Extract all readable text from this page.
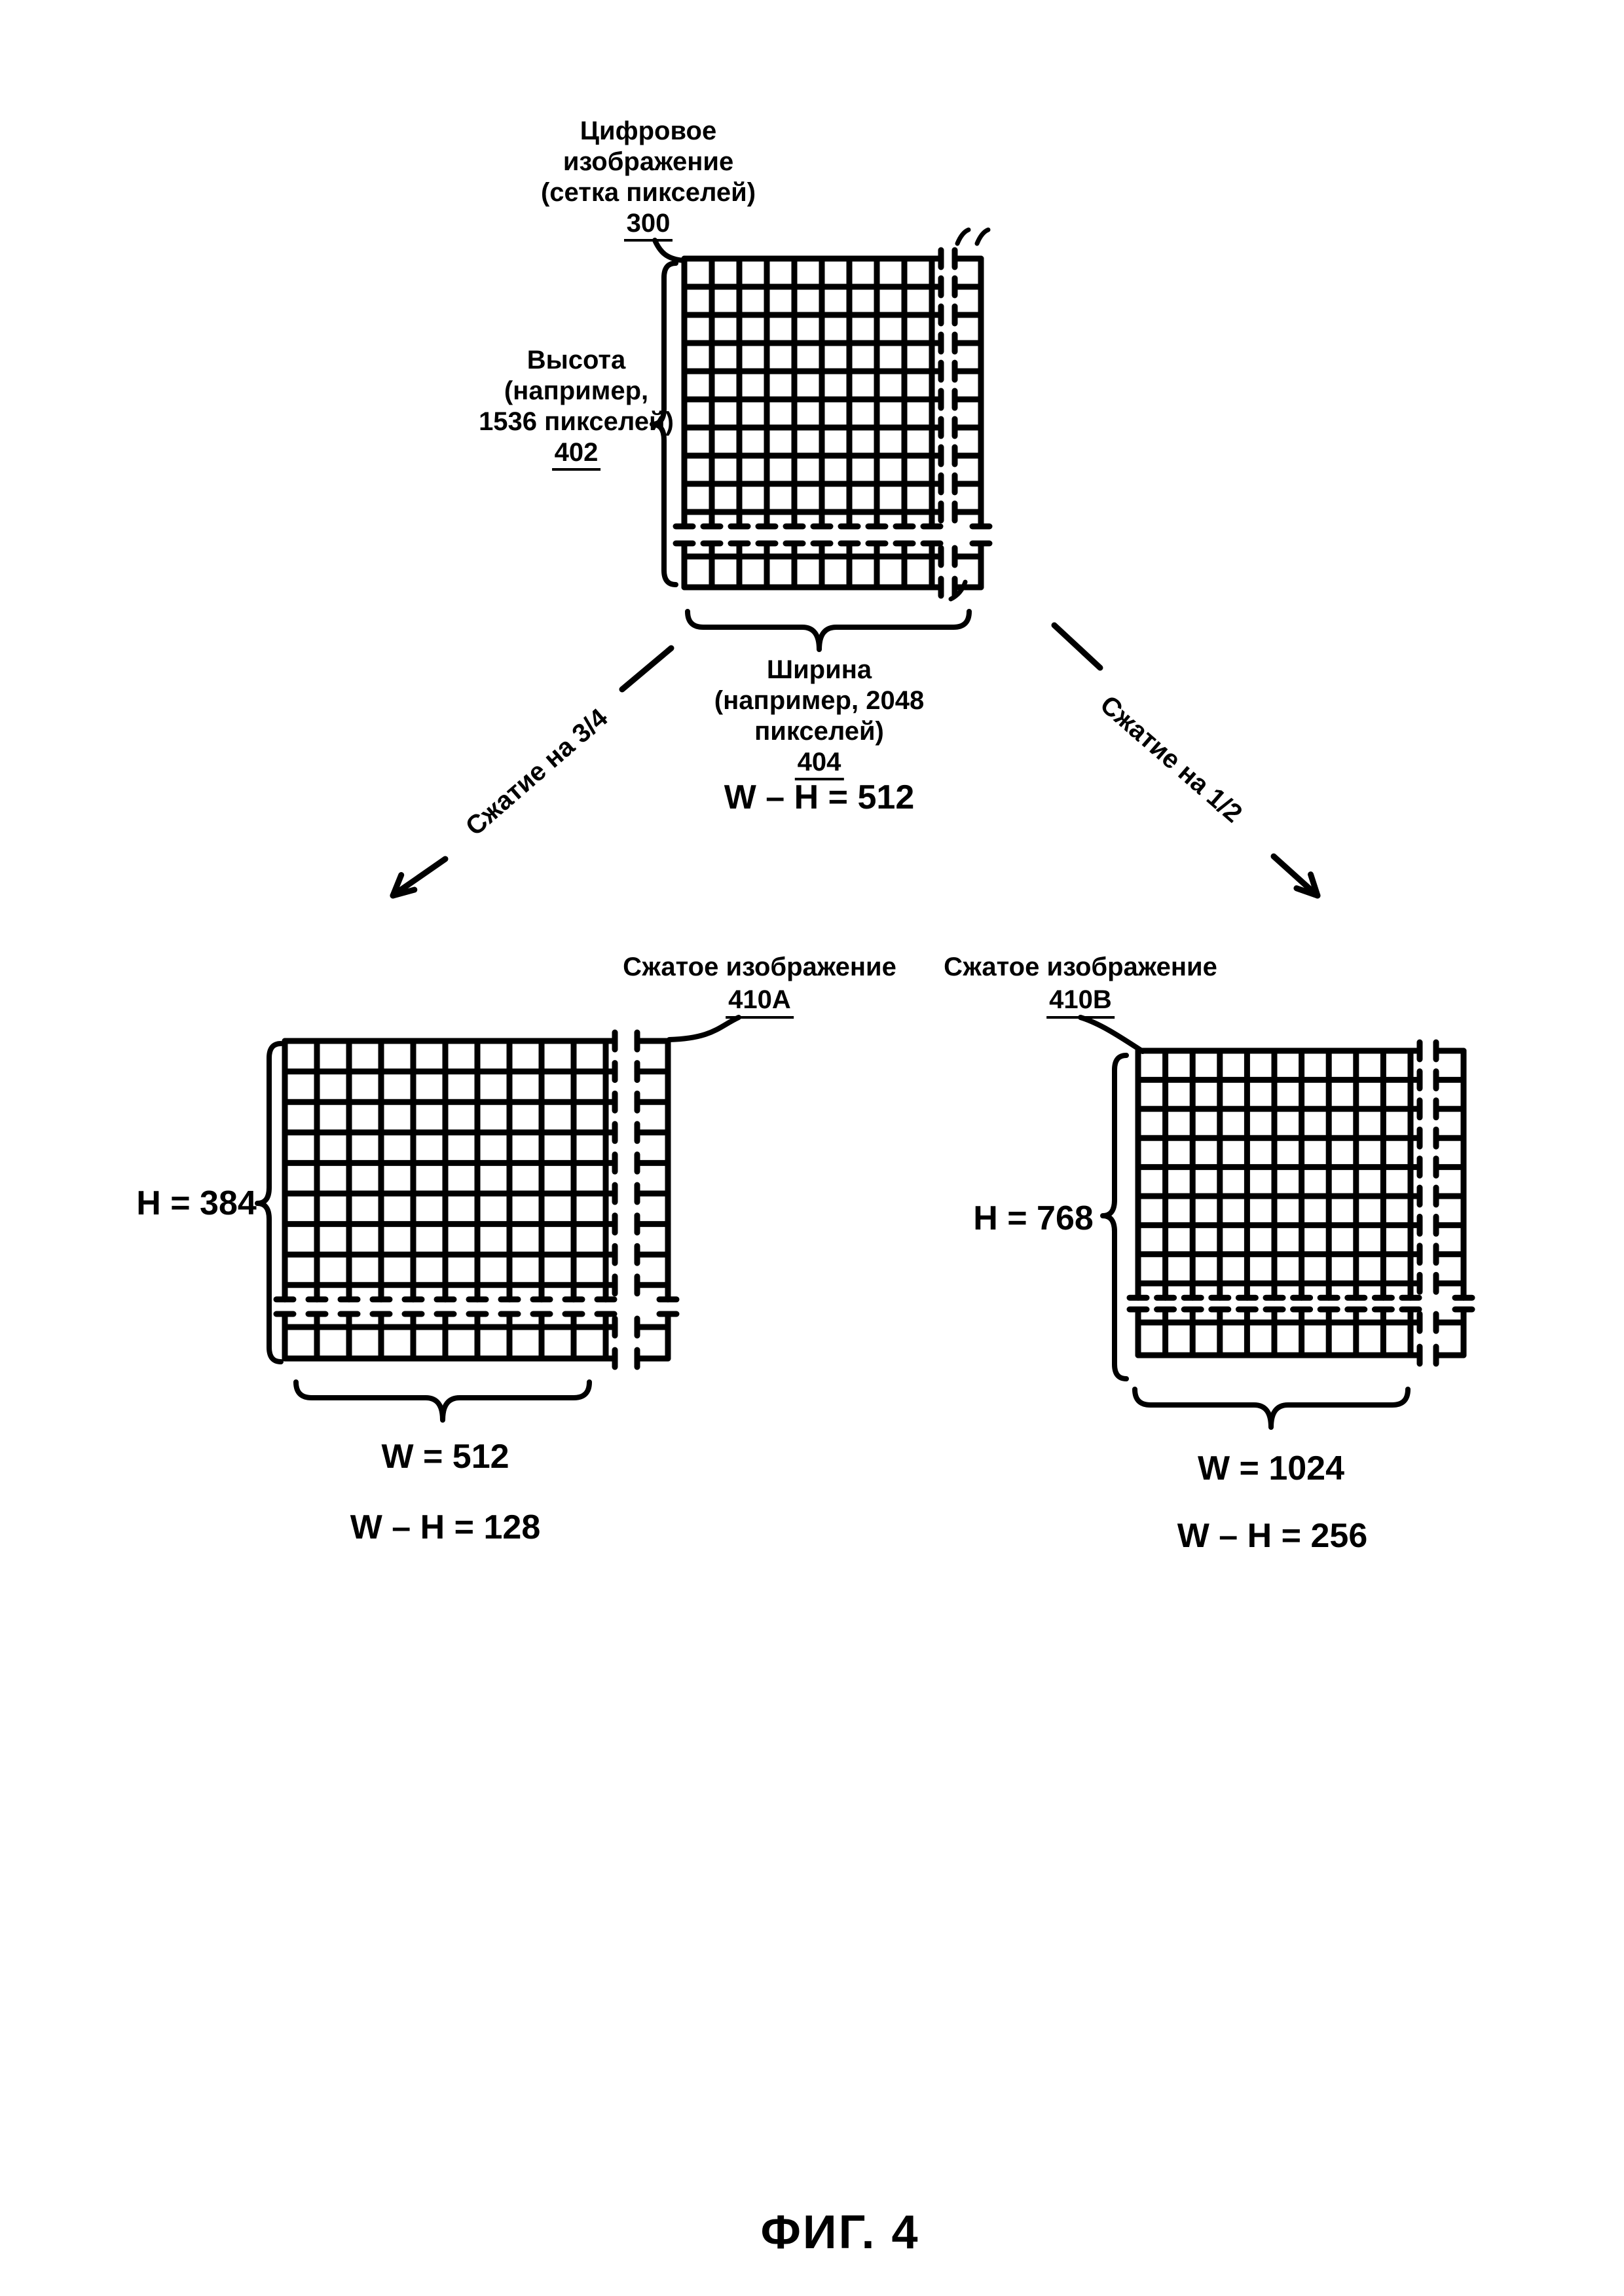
Цифровое
изображение
(сетка пикселей)
300
Высота
(например,
1536 пикселей)
402
Ширина
(например, 2048
пикселей)
404
W – H = 512
Сжатие на 3/4	Сжатие на 1/2
Сжатое изображение
410A
Сжатое изображение
410B
H = 384
W = 512
W – H = 128
H = 768
W = 1024
W – H = 256
ФИГ. 4
